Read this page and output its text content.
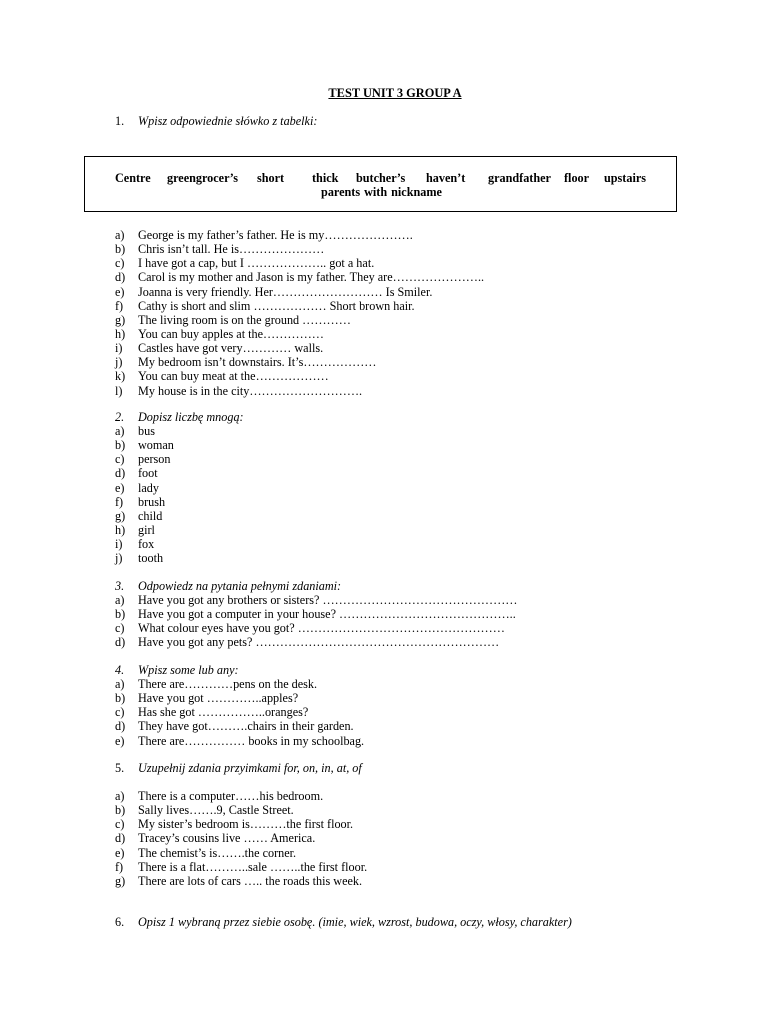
TEST UNIT 3 GROUP A
1. Wpisz odpowiednie słówko z tabelki:
Centre greengrocer’s short thick butcher’s haven’t grandfather floor upstairs
parents with nickname
a) George is my father’s father. He is my………………….
b) Chris isn’t tall. He is…………………
c) I have got a cap, but I ……………….. got a hat.
d) Carol is my mother and Jason is my father. They are…………………..
e) Joanna is very friendly. Her……………………… Is Smiler.
f) Cathy is short and slim ……………… Short brown hair.
g) The living room is on the ground …………
h) You can buy apples at the……………
i) Castles have got very………… walls.
j) My bedroom isn’t downstairs. It’s………………
k) You can buy meat at the………………
l) My house is in the city……………………….
2. Dopisz liczbę mnogą:
a) bus
b) woman
c) person
d) foot
e) lady
f) brush
g) child
h) girl
i) fox
j) tooth
3. Odpowiedz na pytania pełnymi zdaniami:
a) Have you got any brothers or sisters? …………………………………………
b) Have you got a computer in your house? ……………………………………..
c) What colour eyes have you got? ……………………………………………
d) Have you got any pets? ……………………………………………………
4. Wpisz some lub any:
a) There are…………pens on the desk.
b) Have you got …………..apples?
c) Has she got ……………..oranges?
d) They have got……….chairs in their garden.
e) There are…………… books in my schoolbag.
5. Uzupełnij zdania przyimkami for, on, in, at, of
a) There is a computer……his bedroom.
b) Sally lives…….9, Castle Street.
c) My sister’s bedroom is………the first floor.
d) Tracey’s cousins live …… America.
e) The chemist’s is…….the corner.
f) There is a flat………..sale ……..the first floor.
g) There are lots of cars ….. the roads this week.
6. Opisz 1 wybraną przez siebie osobę. (imie, wiek, wzrost, budowa, oczy, włosy, charakter)
